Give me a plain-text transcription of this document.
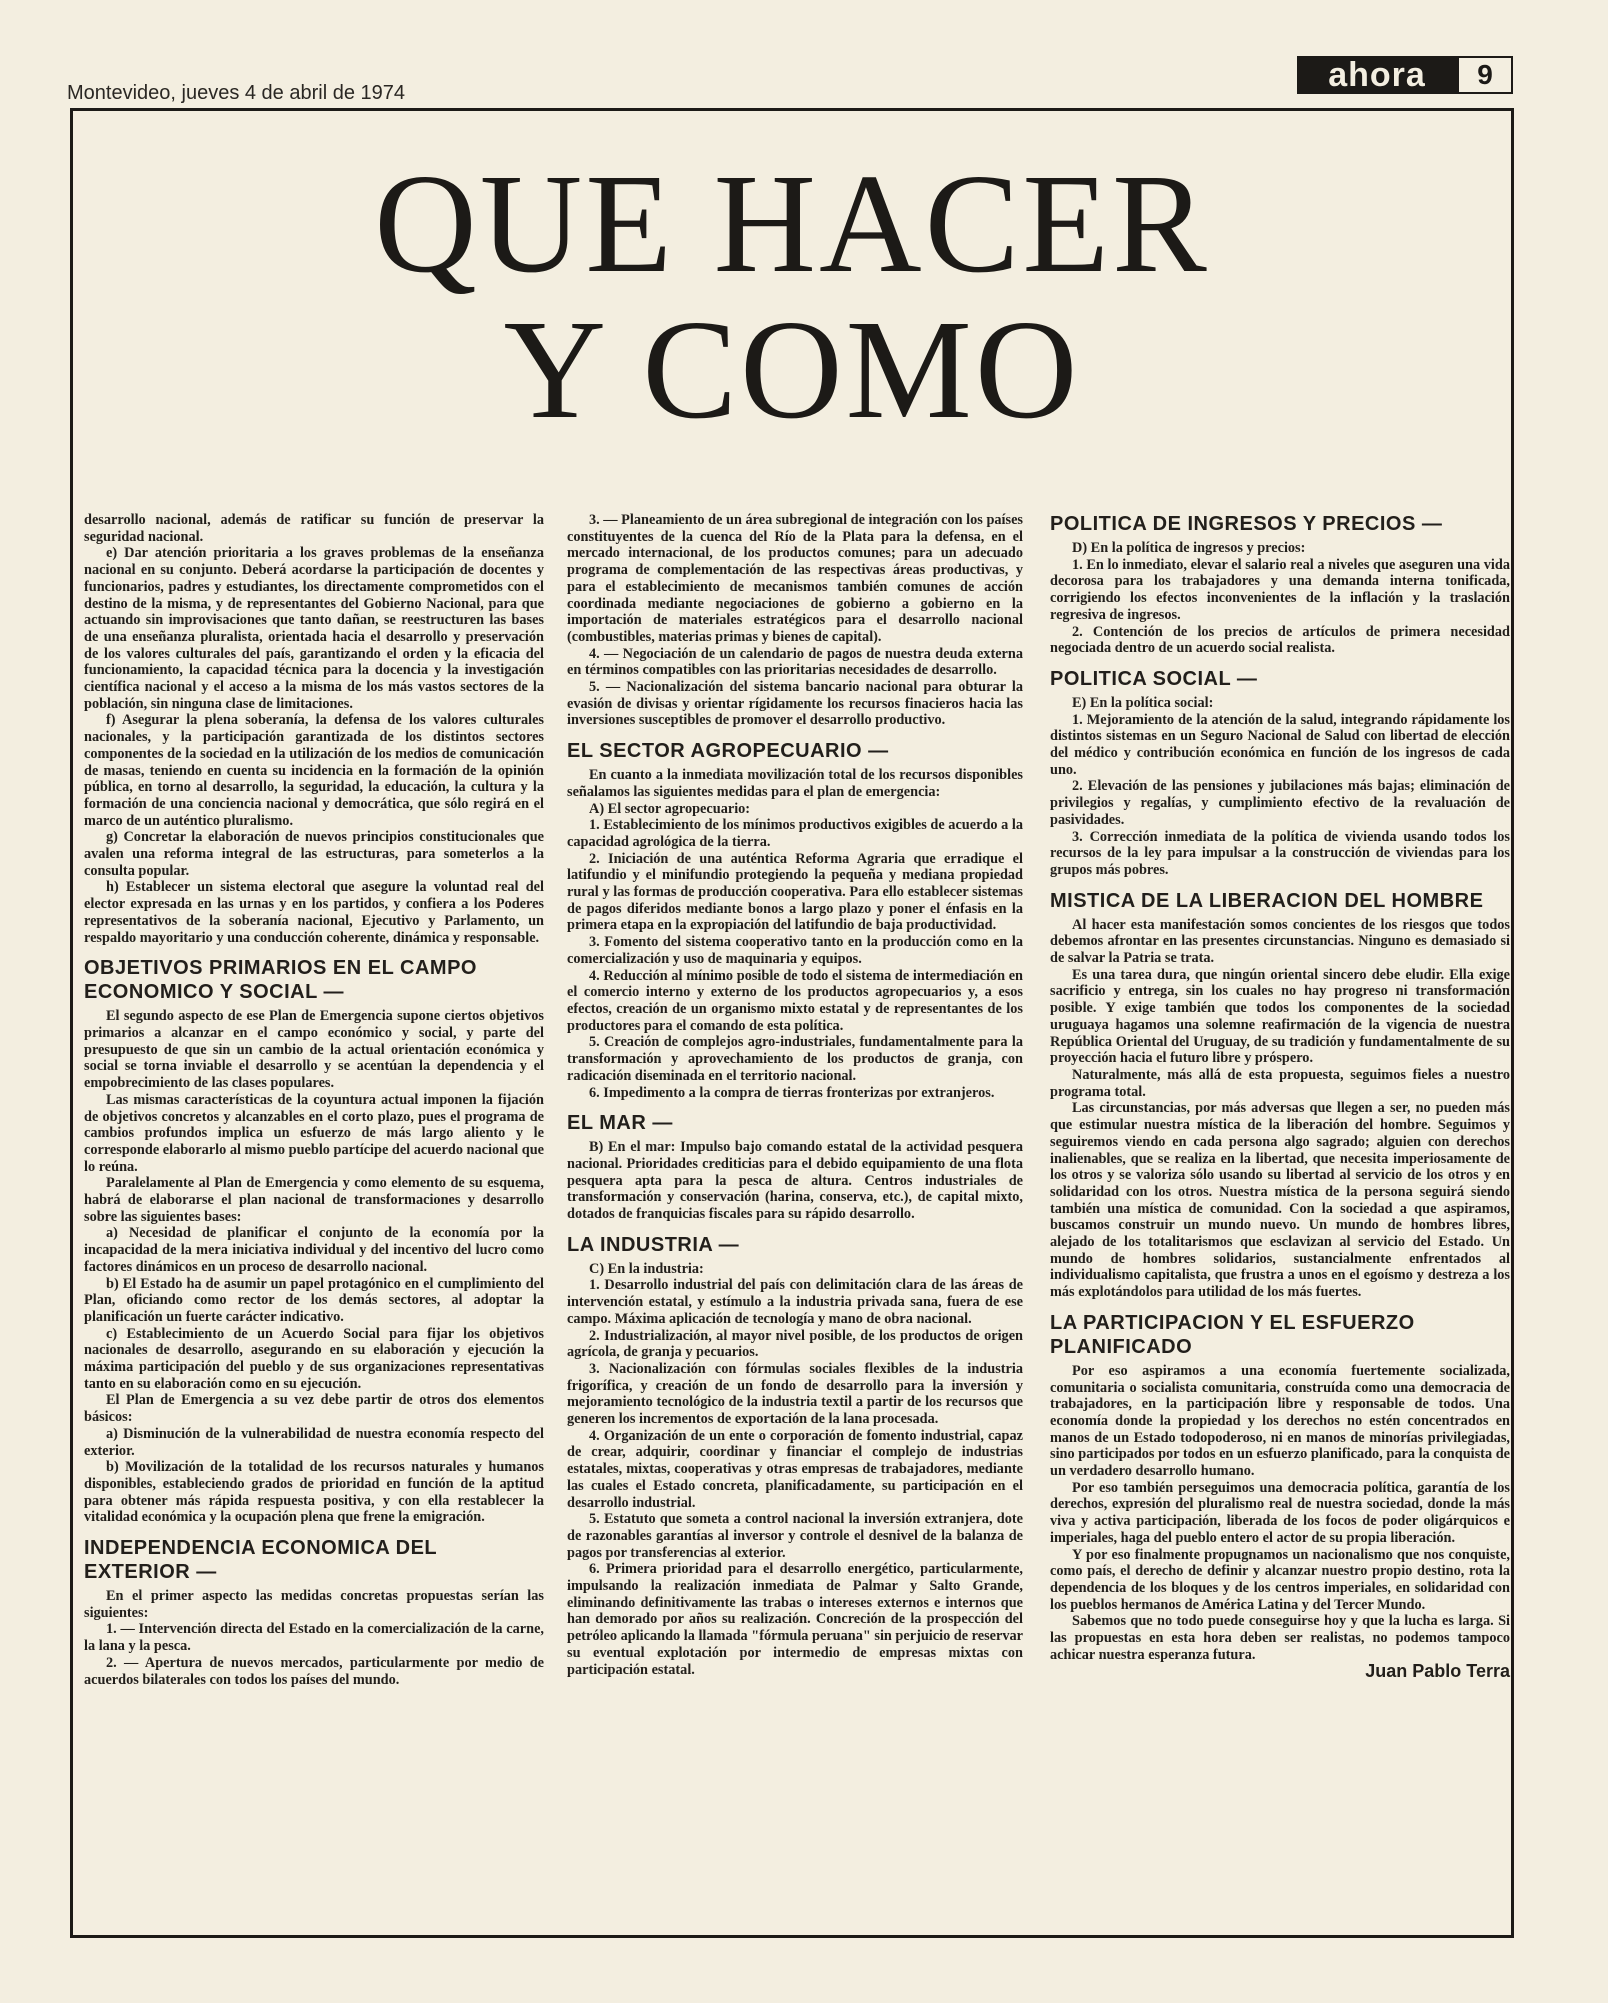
Montevideo, jueves 4 de abril de 1974	ahora	9
QUE HACER
Y COMO

desarrollo nacional, además de ratificar su función de preservar la seguridad nacional.

e) Dar atención prioritaria a los graves problemas de la enseñanza nacional en su conjunto. Deberá acordarse la participación de docentes y funcionarios, padres y estudiantes, los directamente comprometidos con el destino de la misma, y de representantes del Gobierno Nacional, para que actuando sin improvisaciones que tanto dañan, se reestructuren las bases de una enseñanza pluralista, orientada hacia el desarrollo y preservación de los valores culturales del país, garantizando el orden y la eficacia del funcionamiento, la capacidad técnica para la docencia y la investigación científica nacional y el acceso a la misma de los más vastos sectores de la población, sin ninguna clase de limitaciones.

f) Asegurar la plena soberanía, la defensa de los valores culturales nacionales, y la participación garantizada de los distintos sectores componentes de la sociedad en la utilización de los medios de comunicación de masas, teniendo en cuenta su incidencia en la formación de la opinión pública, en torno al desarrollo, la seguridad, la educación, la cultura y la formación de una conciencia nacional y democrática, que sólo regirá en el marco de un auténtico pluralismo.

g) Concretar la elaboración de nuevos principios constitucionales que avalen una reforma integral de las estructuras, para someterlos a la consulta popular.

h) Establecer un sistema electoral que asegure la voluntad real del elector expresada en las urnas y en los partidos, y confiera a los Poderes representativos de la soberanía nacional, Ejecutivo y Parlamento, un respaldo mayoritario y una conducción coherente, dinámica y responsable.

OBJETIVOS PRIMARIOS EN EL CAMPO ECONOMICO Y SOCIAL —

El segundo aspecto de ese Plan de Emergencia supone ciertos objetivos primarios a alcanzar en el campo económico y social, y parte del presupuesto de que sin un cambio de la actual orientación económica y social se torna inviable el desarrollo y se acentúan la dependencia y el empobrecimiento de las clases populares.

Las mismas características de la coyuntura actual imponen la fijación de objetivos concretos y alcanzables en el corto plazo, pues el programa de cambios profundos implica un esfuerzo de más largo aliento y le corresponde elaborarlo al mismo pueblo partícipe del acuerdo nacional que lo reúna.

Paralelamente al Plan de Emergencia y como elemento de su esquema, habrá de elaborarse el plan nacional de transformaciones y desarrollo sobre las siguientes bases:

a) Necesidad de planificar el conjunto de la economía por la incapacidad de la mera iniciativa individual y del incentivo del lucro como factores dinámicos en un proceso de desarrollo nacional.

b) El Estado ha de asumir un papel protagónico en el cumplimiento del Plan, oficiando como rector de los demás sectores, al adoptar la planificación un fuerte carácter indicativo.

c) Establecimiento de un Acuerdo Social para fijar los objetivos nacionales de desarrollo, asegurando en su elaboración y ejecución la máxima participación del pueblo y de sus organizaciones representativas tanto en su elaboración como en su ejecución.

El Plan de Emergencia a su vez debe partir de otros dos elementos básicos:

a) Disminución de la vulnerabilidad de nuestra economía respecto del exterior.

b) Movilización de la totalidad de los recursos naturales y humanos disponibles, estableciendo grados de prioridad en función de la aptitud para obtener más rápida respuesta positiva, y con ella restablecer la vitalidad económica y la ocupación plena que frene la emigración.

INDEPENDENCIA ECONOMICA DEL EXTERIOR —

En el primer aspecto las medidas concretas propuestas serían las siguientes:

1. — Intervención directa del Estado en la comercialización de la carne, la lana y la pesca.

2. — Apertura de nuevos mercados, particularmente por medio de acuerdos bilaterales con todos los países del mundo.

3. — Planeamiento de un área subregional de integración con los países constituyentes de la cuenca del Río de la Plata para la defensa, en el mercado internacional, de los productos comunes; para un adecuado programa de complementación de las respectivas áreas productivas, y para el establecimiento de mecanismos también comunes de acción coordinada mediante negociaciones de gobierno a gobierno en la importación de materiales estratégicos para el desarrollo nacional (combustibles, materias primas y bienes de capital).

4. — Negociación de un calendario de pagos de nuestra deuda externa en términos compatibles con las prioritarias necesidades de desarrollo.

5. — Nacionalización del sistema bancario nacional para obturar la evasión de divisas y orientar rígidamente los recursos finacieros hacia las inversiones susceptibles de promover el desarrollo productivo.

EL SECTOR AGROPECUARIO —

En cuanto a la inmediata movilización total de los recursos disponibles señalamos las siguientes medidas para el plan de emergencia:

A) El sector agropecuario:

1. Establecimiento de los mínimos productivos exigibles de acuerdo a la capacidad agrológica de la tierra.

2. Iniciación de una auténtica Reforma Agraria que erradique el latifundio y el minifundio protegiendo la pequeña y mediana propiedad rural y las formas de producción cooperativa. Para ello establecer sistemas de pagos diferidos mediante bonos a largo plazo y poner el énfasis en la primera etapa en la expropiación del latifundio de baja productividad.

3. Fomento del sistema cooperativo tanto en la producción como en la comercialización y uso de maquinaria y equipos.

4. Reducción al mínimo posible de todo el sistema de intermediación en el comercio interno y externo de los productos agropecuarios y, a esos efectos, creación de un organismo mixto estatal y de representantes de los productores para el comando de esta política.

5. Creación de complejos agro-industriales, fundamentalmente para la transformación y aprovechamiento de los productos de granja, con radicación diseminada en el territorio nacional.

6. Impedimento a la compra de tierras fronterizas por extranjeros.

EL MAR —

B) En el mar: Impulso bajo comando estatal de la actividad pesquera nacional. Prioridades crediticias para el debido equipamiento de una flota pesquera apta para la pesca de altura. Centros industriales de transformación y conservación (harina, conserva, etc.), de capital mixto, dotados de franquicias fiscales para su rápido desarrollo.

LA INDUSTRIA —

C) En la industria:

1. Desarrollo industrial del país con delimitación clara de las áreas de intervención estatal, y estímulo a la industria privada sana, fuera de ese campo. Máxima aplicación de tecnología y mano de obra nacional.

2. Industrialización, al mayor nivel posible, de los productos de origen agrícola, de granja y pecuarios.

3. Nacionalización con fórmulas sociales flexibles de la industria frigorífica, y creación de un fondo de desarrollo para la inversión y mejoramiento tecnológico de la industria textil a partir de los recursos que generen los incrementos de exportación de la lana procesada.

4. Organización de un ente o corporación de fomento industrial, capaz de crear, adquirir, coordinar y financiar el complejo de industrias estatales, mixtas, cooperativas y otras empresas de trabajadores, mediante las cuales el Estado concreta, planificadamente, su participación en el desarrollo industrial.

5. Estatuto que someta a control nacional la inversión extranjera, dote de razonables garantías al inversor y controle el desnivel de la balanza de pagos por transferencias al exterior.

6. Primera prioridad para el desarrollo energético, particularmente, impulsando la realización inmediata de Palmar y Salto Grande, eliminando definitivamente las trabas o intereses externos e internos que han demorado por años su realización. Concreción de la prospección del petróleo aplicando la llamada "fórmula peruana" sin perjuicio de reservar su eventual explotación por intermedio de empresas mixtas con participación estatal.

POLITICA DE INGRESOS Y PRECIOS —

D) En la política de ingresos y precios:

1. En lo inmediato, elevar el salario real a niveles que aseguren una vida decorosa para los trabajadores y una demanda interna tonificada, corrigiendo los efectos inconvenientes de la inflación y la traslación regresiva de ingresos.

2. Contención de los precios de artículos de primera necesidad negociada dentro de un acuerdo social realista.

POLITICA SOCIAL —

E) En la política social:

1. Mejoramiento de la atención de la salud, integrando rápidamente los distintos sistemas en un Seguro Nacional de Salud con libertad de elección del médico y contribución económica en función de los ingresos de cada uno.

2. Elevación de las pensiones y jubilaciones más bajas; eliminación de privilegios y regalías, y cumplimiento efectivo de la revaluación de pasividades.

3. Corrección inmediata de la política de vivienda usando todos los recursos de la ley para impulsar a la construcción de viviendas para los grupos más pobres.

MISTICA DE LA LIBERACION DEL HOMBRE

Al hacer esta manifestación somos concientes de los riesgos que todos debemos afrontar en las presentes circunstancias. Ninguno es demasiado si de salvar la Patria se trata.

Es una tarea dura, que ningún oriental sincero debe eludir. Ella exige sacrificio y entrega, sin los cuales no hay progreso ni transformación posible. Y exige también que todos los componentes de la sociedad uruguaya hagamos una solemne reafirmación de la vigencia de nuestra República Oriental del Uruguay, de su tradición y fundamentalmente de su proyección hacia el futuro libre y próspero.

Naturalmente, más allá de esta propuesta, seguimos fieles a nuestro programa total.

Las circunstancias, por más adversas que llegen a ser, no pueden más que estimular nuestra mística de la liberación del hombre. Seguimos y seguiremos viendo en cada persona algo sagrado; alguien con derechos inalienables, que se realiza en la libertad, que necesita imperiosamente de los otros y se valoriza sólo usando su libertad al servicio de los otros y en solidaridad con los otros. Nuestra mística de la persona seguirá siendo también una mística de comunidad. Con la sociedad a que aspiramos, buscamos construir un mundo nuevo. Un mundo de hombres libres, alejado de los totalitarismos que esclavizan al servicio del Estado. Un mundo de hombres solidarios, sustancialmente enfrentados al individualismo capitalista, que frustra a unos en el egoísmo y destreza a los más explotándolos para utilidad de los más fuertes.

LA PARTICIPACION Y EL ESFUERZO PLANIFICADO

Por eso aspiramos a una economía fuertemente socializada, comunitaria o socialista comunitaria, construída como una democracia de trabajadores, en la participación libre y responsable de todos. Una economía donde la propiedad y los derechos no estén concentrados en manos de un Estado todopoderoso, ni en manos de minorías privilegiadas, sino participados por todos en un esfuerzo planificado, para la conquista de un verdadero desarrollo humano.

Por eso también perseguimos una democracia política, garantía de los derechos, expresión del pluralismo real de nuestra sociedad, donde la más viva y activa participación, liberada de los focos de poder oligárquicos e imperiales, haga del pueblo entero el actor de su propia liberación.

Y por eso finalmente propugnamos un nacionalismo que nos conquiste, como país, el derecho de definir y alcanzar nuestro propio destino, rota la dependencia de los bloques y de los centros imperiales, en solidaridad con los pueblos hermanos de América Latina y del Tercer Mundo.

Sabemos que no todo puede conseguirse hoy y que la lucha es larga. Si las propuestas en esta hora deben ser realistas, no podemos tampoco achicar nuestra esperanza futura.

Juan Pablo Terra
